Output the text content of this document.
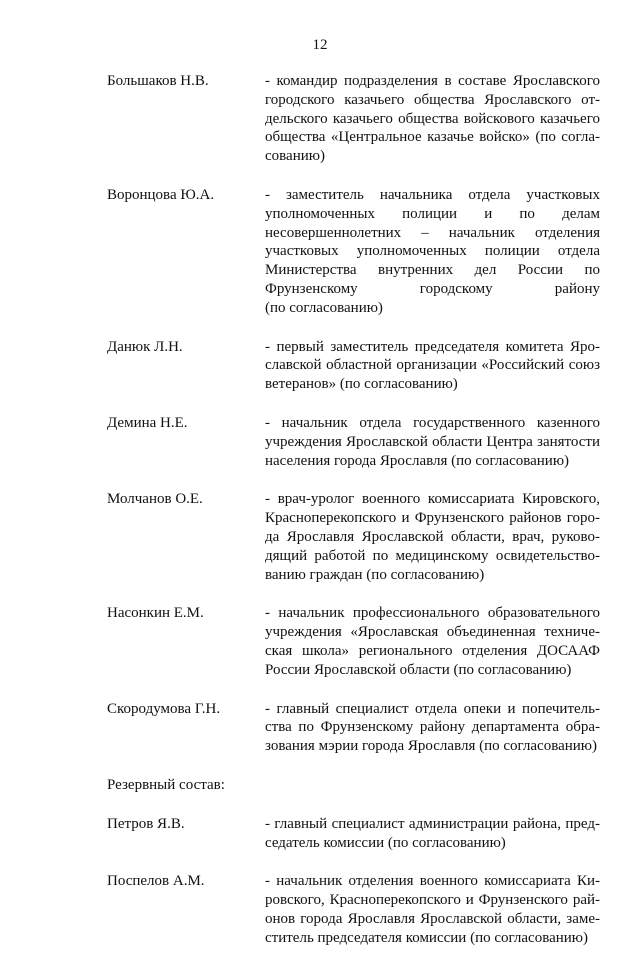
12
Большаков Н.В.	- командир подразделения в составе Ярославского
городского казачьего общества Ярославского от-
дельского казачьего общества войскового казачьего
общества «Центральное казачье войско» (по согла-
сованию)
Воронцова Ю.А.	- заместитель начальника отдела участковых
уполномоченных полиции и по делам
несовершеннолетних – начальник отделения
участковых уполномоченных полиции отдела
Министерства внутренних дел России по
Фрунзенскому городскому району
(по согласованию)
Данюк Л.Н.	- первый заместитель председателя комитета Яро-
славской областной организации «Российский союз
ветеранов» (по согласованию)
Демина Н.Е.	- начальник отдела государственного казенного
учреждения Ярославской области Центра занятости
населения города Ярославля (по согласованию)
Молчанов О.Е.	- врач-уролог военного комиссариата Кировского,
Красноперекопского и Фрунзенского районов горо-
да Ярославля Ярославской области, врач, руково-
дящий работой по медицинскому освидетельство-
ванию граждан (по согласованию)
Насонкин Е.М.	- начальник профессионального образовательного
учреждения «Ярославская объединенная техниче-
ская школа» регионального отделения ДОСААФ
России Ярославской области (по согласованию)
Скородумова Г.Н.	- главный специалист отдела опеки и попечитель-
ства по Фрунзенскому району департамента обра-
зования мэрии города Ярославля (по согласованию)
Резервный состав:
Петров Я.В.	- главный специалист администрации района, пред-
седатель комиссии (по согласованию)
Поспелов А.М.	- начальник отделения военного комиссариата Ки-
ровского, Красноперекопского и Фрунзенского рай-
онов города Ярославля Ярославской области, заме-
ститель председателя комиссии (по согласованию)
